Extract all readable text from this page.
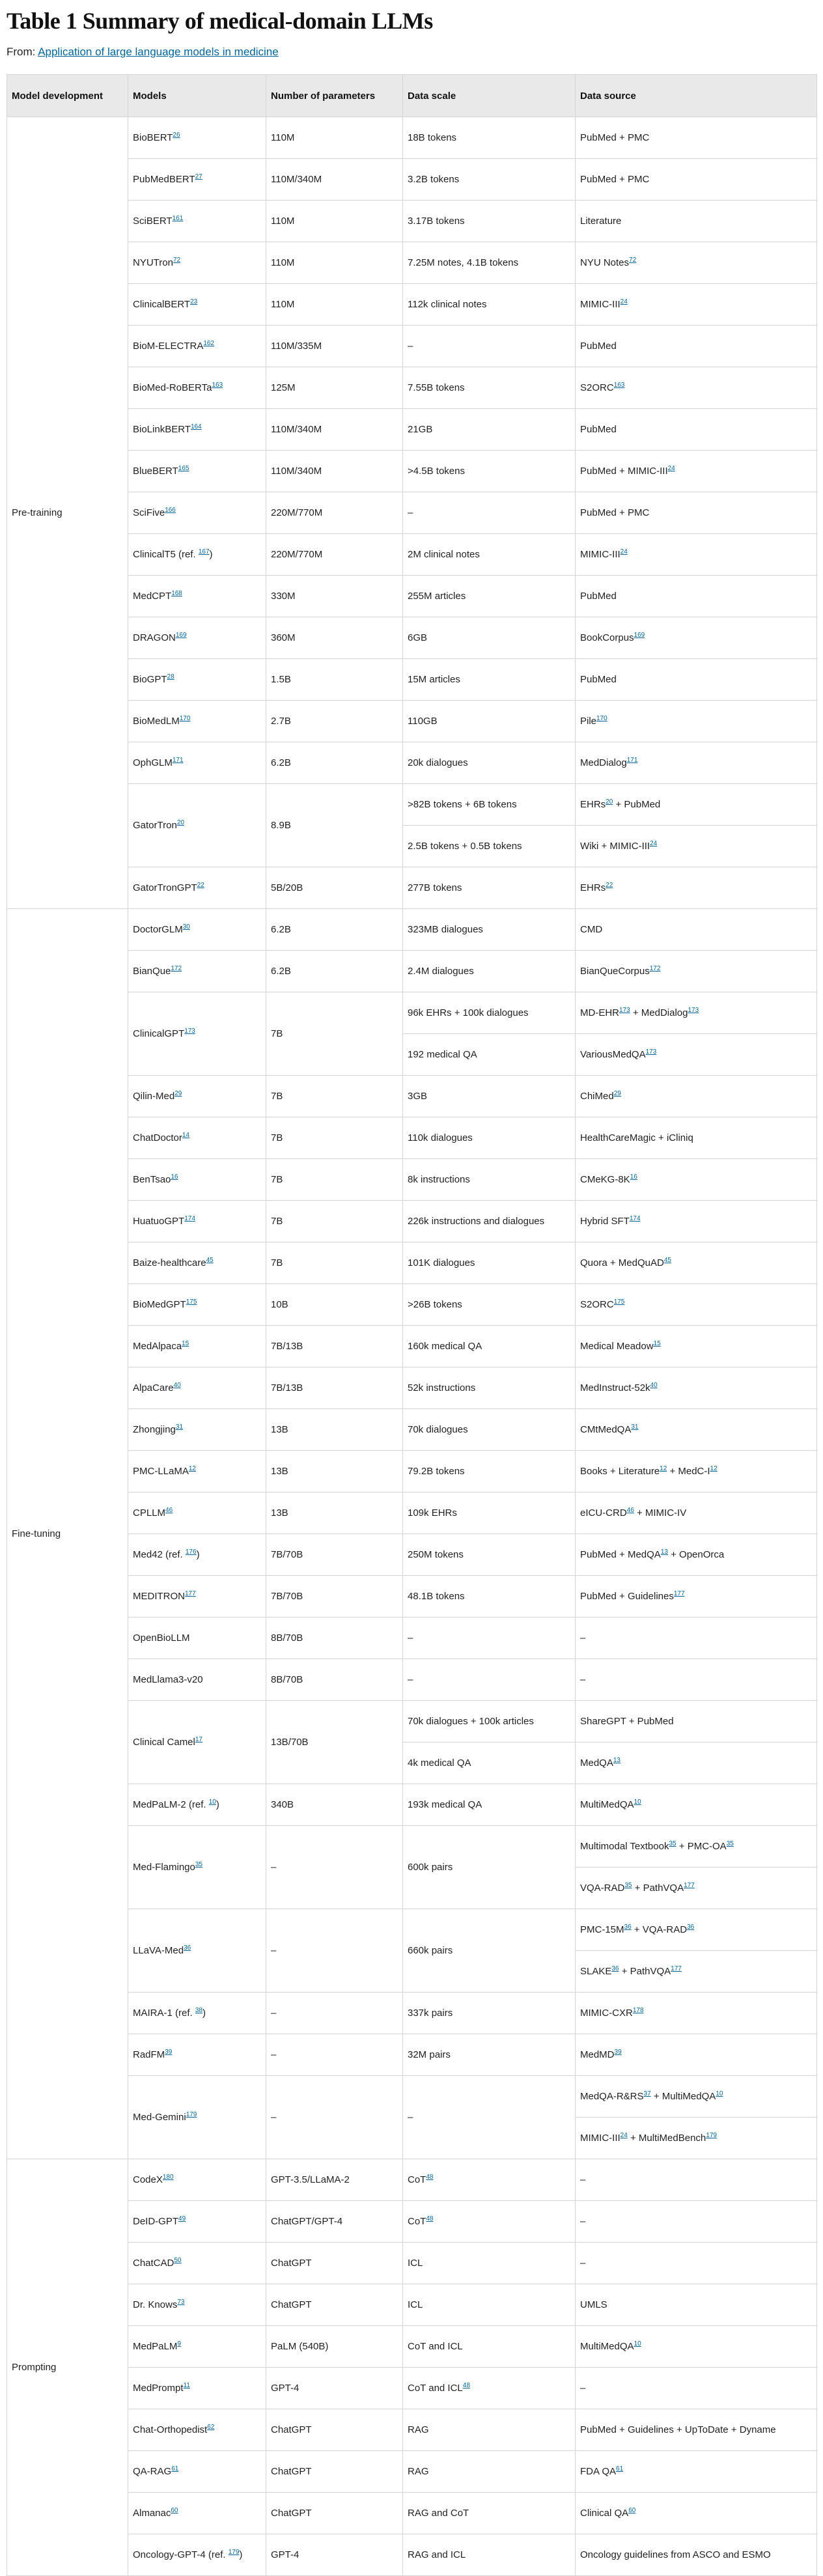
Table 1 Summary of medical-domain LLMs

From: Application of large language models in medicine

Model development	Models	Number of parameters	Data scale	Data source
Pre-training	BioBERT$^{26}$	110M	18B tokens	PubMed + PMC
	PubMedBERT$^{27}$	110M/340M	3.2B tokens	PubMed + PMC
	SciBERT$^{161}$	110M	3.17B tokens	Literature
	NYUTron$^{72}$	110M	7.25M notes, 4.1B tokens	NYU Notes$^{72}$
	ClinicalBERT$^{23}$	110M	112k clinical notes	MIMIC-III$^{24}$
	BioM-ELECTRA$^{162}$	110M/335M	–	PubMed
	BioMed-RoBERTa$^{163}$	125M	7.55B tokens	S2ORC$^{163}$
	BioLinkBERT$^{164}$	110M/340M	21GB	PubMed
	BlueBERT$^{165}$	110M/340M	>4.5B tokens	PubMed + MIMIC-III$^{24}$
	SciFive$^{166}$	220M/770M	–	PubMed + PMC
	ClinicalT5 (ref. $^{167}$)	220M/770M	2M clinical notes	MIMIC-III$^{24}$
	MedCPT$^{168}$	330M	255M articles	PubMed
	DRAGON$^{169}$	360M	6GB	BookCorpus$^{169}$
	BioGPT$^{28}$	1.5B	15M articles	PubMed
	BioMedLM$^{170}$	2.7B	110GB	Pile$^{170}$
	OphGLM$^{171}$	6.2B	20k dialogues	MedDialog$^{171}$
	GatorTron$^{20}$	8.9B	>82B tokens + 6B tokens	EHRs$^{20}$ + PubMed
			2.5B tokens + 0.5B tokens	Wiki + MIMIC-III$^{24}$
	GatorTronGPT$^{22}$	5B/20B	277B tokens	EHRs$^{22}$
Fine-tuning	DoctorGLM$^{30}$	6.2B	323MB dialogues	CMD
	BianQue$^{172}$	6.2B	2.4M dialogues	BianQueCorpus$^{172}$
	ClinicalGPT$^{173}$	7B	96k EHRs + 100k dialogues	MD-EHR$^{173}$ + MedDialog$^{173}$
			192 medical QA	VariousMedQA$^{173}$
	Qilin-Med$^{29}$	7B	3GB	ChiMed$^{29}$
	ChatDoctor$^{14}$	7B	110k dialogues	HealthCareMagic + iCliniq
	BenTsao$^{16}$	7B	8k instructions	CMeKG-8K$^{16}$
	HuatuoGPT$^{174}$	7B	226k instructions and dialogues	Hybrid SFT$^{174}$
	Baize-healthcare$^{45}$	7B	101K dialogues	Quora + MedQuAD$^{45}$
	BioMedGPT$^{175}$	10B	>26B tokens	S2ORC$^{175}$
	MedAlpaca$^{15}$	7B/13B	160k medical QA	Medical Meadow$^{15}$
	AlpaCare$^{40}$	7B/13B	52k instructions	MedInstruct-52k$^{40}$
	Zhongjing$^{31}$	13B	70k dialogues	CMtMedQA$^{31}$
	PMC-LLaMA$^{12}$	13B	79.2B tokens	Books + Literature$^{12}$ + MedC-I$^{12}$
	CPLLM$^{46}$	13B	109k EHRs	eICU-CRD$^{46}$ + MIMIC-IV
	Med42 (ref. $^{176}$)	7B/70B	250M tokens	PubMed + MedQA$^{13}$ + OpenOrca
	MEDITRON$^{177}$	7B/70B	48.1B tokens	PubMed + Guidelines$^{177}$
	OpenBioLLM	8B/70B	–	–
	MedLlama3-v20	8B/70B	–	–
	Clinical Camel$^{17}$	13B/70B	70k dialogues + 100k articles	ShareGPT + PubMed
			4k medical QA	MedQA$^{13}$
	MedPaLM-2 (ref. $^{10}$)	340B	193k medical QA	MultiMedQA$^{10}$
	Med-Flamingo$^{35}$	–	600k pairs	Multimodal Textbook$^{35}$ + PMC-OA$^{35}$
				VQA-RAD$^{35}$ + PathVQA$^{177}$
	LLaVA-Med$^{36}$	–	660k pairs	PMC-15M$^{36}$ + VQA-RAD$^{36}$
				SLAKE$^{36}$ + PathVQA$^{177}$
	MAIRA-1 (ref. $^{38}$)	–	337k pairs	MIMIC-CXR$^{178}$
	RadFM$^{39}$	–	32M pairs	MedMD$^{39}$
	Med-Gemini$^{179}$	–	–	MedQA-R&RS$^{37}$ + MultiMedQA$^{10}$
				MIMIC-III$^{24}$ + MultiMedBench$^{179}$
Prompting	CodeX$^{180}$	GPT-3.5/LLaMA-2	CoT$^{48}$	–
	DeID-GPT$^{49}$	ChatGPT/GPT-4	CoT$^{48}$	–
	ChatCAD$^{50}$	ChatGPT	ICL	–
	Dr. Knows$^{73}$	ChatGPT	ICL	UMLS
	MedPaLM$^9$	PaLM (540B)	CoT and ICL	MultiMedQA$^{10}$
	MedPrompt$^{11}$	GPT-4	CoT and ICL$^{48}$	–
	Chat-Orthopedist$^{62}$	ChatGPT	RAG	PubMed + Guidelines + UpToDate + Dyname
	QA-RAG$^{61}$	ChatGPT	RAG	FDA QA$^{61}$
	Almanac$^{60}$	ChatGPT	RAG and CoT	Clinical QA$^{60}$
	Oncology-GPT-4 (ref. $^{179}$)	GPT-4	RAG and ICL	Oncology guidelines from ASCO and ESMO
